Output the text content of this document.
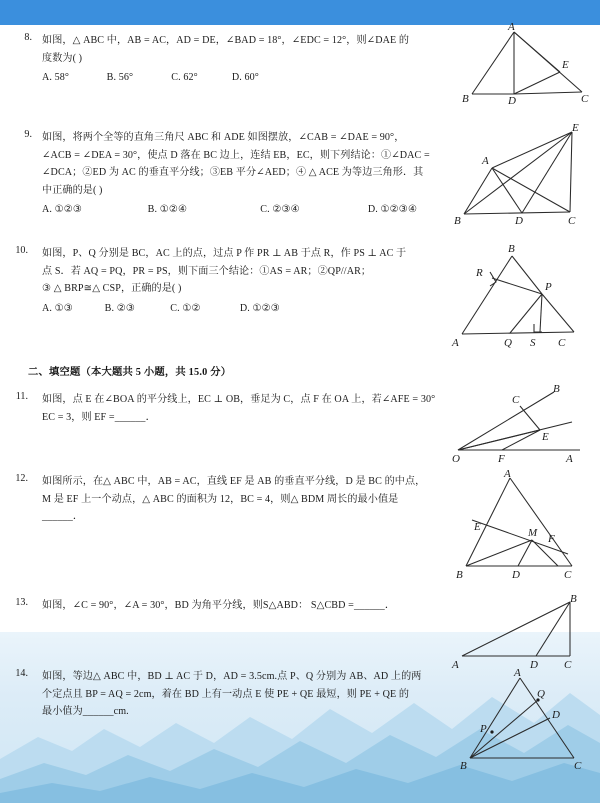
8. 如图，△ ABC 中，AB = AC，AD = DE，∠BAD = 18°，∠EDC = 12°，则∠DAE 的
度数为( )
A. 58°	B. 56°	C. 62°	D. 60°
A
B	C
D
E
9. 如图，将两个全等的直角三角尺 ABC 和 ADE 如图摆放，∠CAB = ∠DAE = 90°，
∠ACB = ∠DEA = 30°，使点 D 落在 BC 边上，连结 EB，EC，则下列结论：①∠DAC =
∠DCA；②ED 为 AC 的垂直平分线；③EB 平分∠AED；④ △ ACE 为等边三角形．其
中正确的是( )
A. ①②③	B. ①②④	C. ②③④	D. ①②③④
E
A
B	D	C
10. 如图，P、Q 分别是 BC，AC 上的点，过点 P 作 PR ⊥ AB 于点 R，作 PS ⊥ AC 于
点 S．若 AQ = PQ，PR = PS，则下面三个结论：①AS = AR；②QP//AR；
③ △ BRP≅△ CSP，正确的是( )
A. ①③	B. ②③	C. ①②	D. ①②③
B
R
P
A	Q S C
二、填空题（本大题共 5 小题，共 15.0 分）
11. 如图，点 E 在∠BOA 的平分线上，EC ⊥ OB，垂足为 C，点 F 在 OA 上，若∠AFE = 30°
EC = 3，则 EF =______．
B
C
E
O	F	A
12. 如图所示，在△ ABC 中，AB = AC，直线 EF 是 AB 的垂直平分线，D 是 BC 的中点，
M 是 EF 上一个动点，△ ABC 的面积为 12，BC = 4，则△ BDM 周长的最小值是
______．
A
E	M F
B	D	C
13. 如图，∠C = 90°，∠A = 30°，BD 为角平分线，则S△ABD： S△CBD =______．
B
A	D C
14. 如图，等边△ ABC 中，BD ⊥ AC 于 D，AD = 3.5cm.点 P、Q 分别为 AB、AD 上的两
个定点且 BP = AQ = 2cm，着在 BD 上有一动点 E 使 PE + QE 最短，则 PE + QE 的
最小值为______cm.
A
Q
D
P
B	C
